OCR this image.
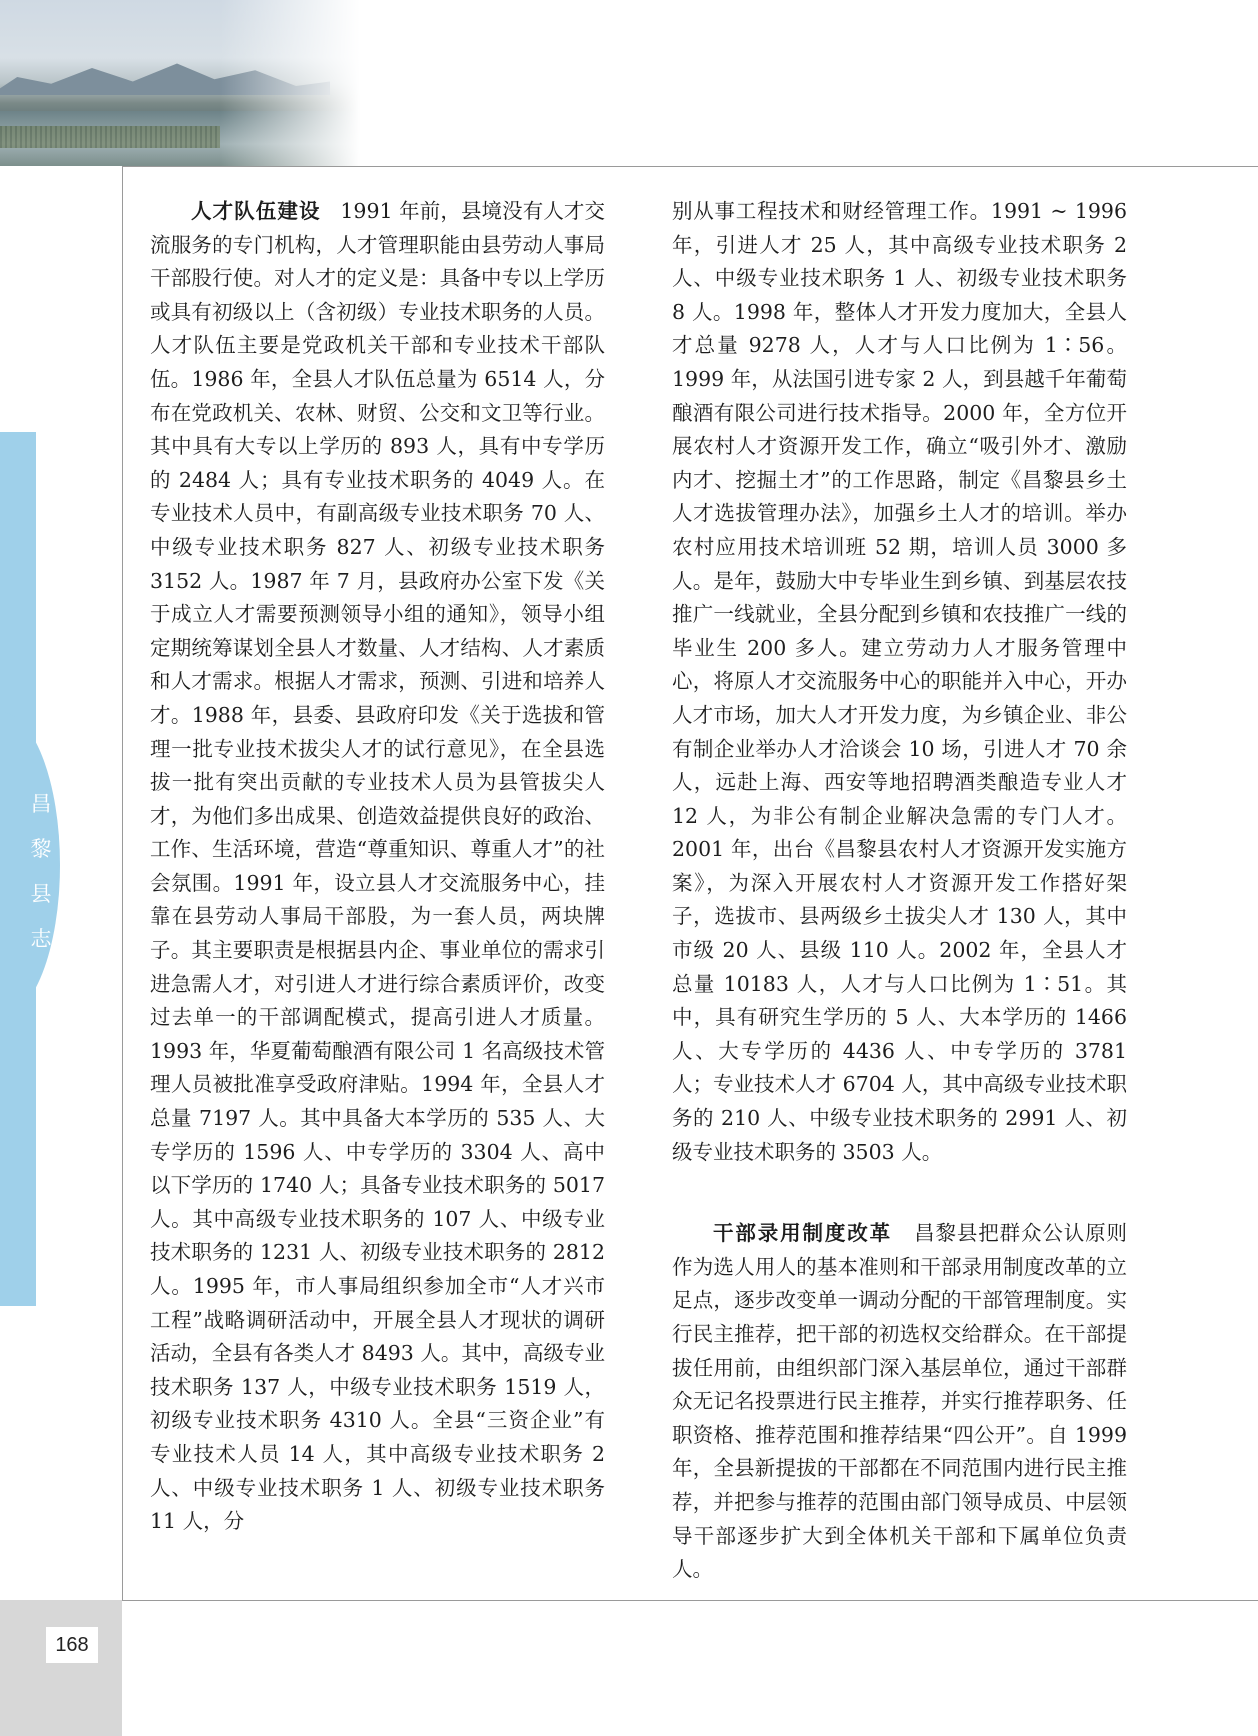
昌
黎
县
志

人才队伍建设 1991 年前，县境没有人才交流服务的专门机构，人才管理职能由县劳动人事局干部股行使。对人才的定义是：具备中专以上学历或具有初级以上（含初级）专业技术职务的人员。人才队伍主要是党政机关干部和专业技术干部队伍。1986 年，全县人才队伍总量为 6514 人，分布在党政机关、农林、财贸、公交和文卫等行业。其中具有大专以上学历的 893 人，具有中专学历的 2484 人；具有专业技术职务的 4049 人。在专业技术人员中，有副高级专业技术职务 70 人、中级专业技术职务 827 人、初级专业技术职务 3152 人。1987 年 7 月，县政府办公室下发《关于成立人才需要预测领导小组的通知》，领导小组定期统筹谋划全县人才数量、人才结构、人才素质和人才需求。根据人才需求，预测、引进和培养人才。1988 年，县委、县政府印发《关于选拔和管理一批专业技术拔尖人才的试行意见》，在全县选拔一批有突出贡献的专业技术人员为县管拔尖人才，为他们多出成果、创造效益提供良好的政治、工作、生活环境，营造“尊重知识、尊重人才”的社会氛围。1991 年，设立县人才交流服务中心，挂靠在县劳动人事局干部股，为一套人员，两块牌子。其主要职责是根据县内企、事业单位的需求引进急需人才，对引进人才进行综合素质评价，改变过去单一的干部调配模式，提高引进人才质量。1993 年，华夏葡萄酿酒有限公司 1 名高级技术管理人员被批准享受政府津贴。1994 年，全县人才总量 7197 人。其中具备大本学历的 535 人、大专学历的 1596 人、中专学历的 3304 人、高中以下学历的 1740 人；具备专业技术职务的 5017 人。其中高级专业技术职务的 107 人、中级专业技术职务的 1231 人、初级专业技术职务的 2812 人。1995 年，市人事局组织参加全市“人才兴市工程”战略调研活动中，开展全县人才现状的调研活动，全县有各类人才 8493 人。其中，高级专业技术职务 137 人，中级专业技术职务 1519 人，初级专业技术职务 4310 人。全县“三资企业”有专业技术人员 14 人，其中高级专业技术职务 2 人、中级专业技术职务 1 人、初级专业技术职务 11 人，分

别从事工程技术和财经管理工作。1991 ~ 1996 年，引进人才 25 人，其中高级专业技术职务 2 人、中级专业技术职务 1 人、初级专业技术职务 8 人。1998 年，整体人才开发力度加大，全县人才总量 9278 人，人才与人口比例为 1∶56。1999 年，从法国引进专家 2 人，到县越千年葡萄酿酒有限公司进行技术指导。2000 年，全方位开展农村人才资源开发工作，确立“吸引外才、激励内才、挖掘土才”的工作思路，制定《昌黎县乡土人才选拔管理办法》，加强乡土人才的培训。举办农村应用技术培训班 52 期，培训人员 3000 多人。是年，鼓励大中专毕业生到乡镇、到基层农技推广一线就业，全县分配到乡镇和农技推广一线的毕业生 200 多人。建立劳动力人才服务管理中心，将原人才交流服务中心的职能并入中心，开办人才市场，加大人才开发力度，为乡镇企业、非公有制企业举办人才洽谈会 10 场，引进人才 70 余人，远赴上海、西安等地招聘酒类酿造专业人才 12 人，为非公有制企业解决急需的专门人才。2001 年，出台《昌黎县农村人才资源开发实施方案》，为深入开展农村人才资源开发工作搭好架子，选拔市、县两级乡土拔尖人才 130 人，其中市级 20 人、县级 110 人。2002 年，全县人才总量 10183 人，人才与人口比例为 1∶51。其中，具有研究生学历的 5 人、大本学历的 1466 人、大专学历的 4436 人、中专学历的 3781 人；专业技术人才 6704 人，其中高级专业技术职务的 210 人、中级专业技术职务的 2991 人、初级专业技术职务的 3503 人。

干部录用制度改革 昌黎县把群众公认原则作为选人用人的基本准则和干部录用制度改革的立足点，逐步改变单一调动分配的干部管理制度。实行民主推荐，把干部的初选权交给群众。在干部提拔任用前，由组织部门深入基层单位，通过干部群众无记名投票进行民主推荐，并实行推荐职务、任职资格、推荐范围和推荐结果“四公开”。自 1999 年，全县新提拔的干部都在不同范围内进行民主推荐，并把参与推荐的范围由部门领导成员、中层领导干部逐步扩大到全体机关干部和下属单位负责人。

168
